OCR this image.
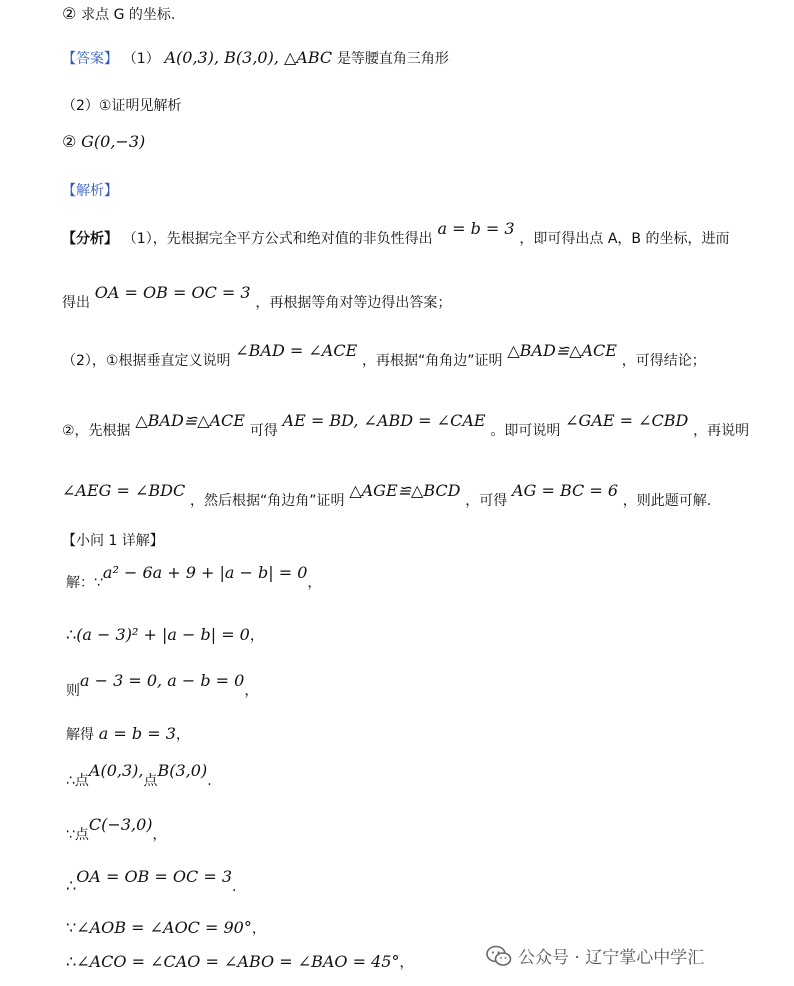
② 求点 G 的坐标.
【答案】 （1） A(0,3), B(3,0), △ABC 是等腰直角三角形
（2）①证明见解析
② G(0,−3)
【解析】
【分析】 （1），先根据完全平方公式和绝对值的非负性得出 a = b = 3 ，即可得出点 A，B 的坐标，进而
得出 OA = OB = OC = 3 ，再根据等角对等边得出答案；
（2），①根据垂直定义说明 ∠BAD = ∠ACE ，再根据“角角边”证明 △BAD≌△ACE ，可得结论；
②，先根据 △BAD≌△ACE 可得 AE = BD, ∠ABD = ∠CAE 。即可说明 ∠GAE = ∠CBD ，再说明
∠AEG = ∠BDC ，然后根据“角边角”证明 △AGE≌△BCD ，可得 AG = BC = 6 ，则此题可解.
【小问 1 详解】
解：∵a² − 6a + 9 + |a − b| = 0，
∴(a − 3)² + |a − b| = 0，
则a − 3 = 0, a − b = 0，
解得 a = b = 3，
∴点A(0,3),点B(3,0).
∵点C(−3,0)，
∴OA = OB = OC = 3.
∵∠AOB = ∠AOC = 90°，
∴∠ACO = ∠CAO = ∠ABO = ∠BAO = 45°，	公众号 · 辽宁掌心中学汇
